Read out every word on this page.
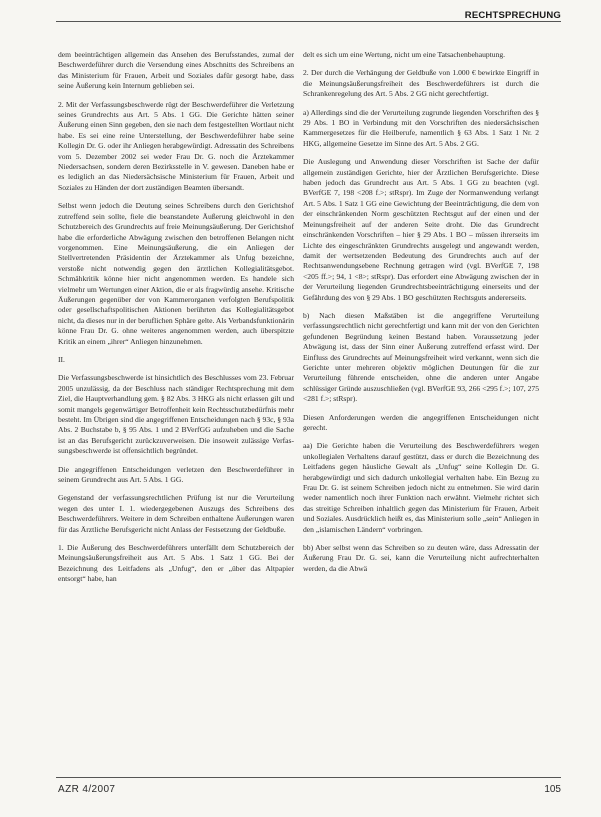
RECHTSPRECHUNG

dem beeinträchtigen allgemein das Ansehen des Berufsstandes, zumal der Beschwerdeführer durch die Versendung eines Abschnitts des Schreibens an das Ministerium für Frauen, Arbeit und Soziales dafür gesorgt habe, dass seine Äußerung kein Internum geblieben sei.

2. Mit der Verfassungsbeschwerde rügt der Beschwerdeführer die Verletzung seines Grundrechts aus Art. 5 Abs. 1 GG. Die Gerichte hätten seiner Äußerung einen Sinn gegeben, den sie nach dem festgestellten Wortlaut nicht habe. Es sei eine reine Unterstellung, der Beschwerdeführer habe seine Kollegin Dr. G. oder ihr Anliegen herabgewürdigt. Adressatin des Schreibens vom 5. Dezember 2002 sei weder Frau Dr. G. noch die Ärztekammer Niedersachsen, sondern deren Bezirksstelle in V. gewesen. Daneben habe er es lediglich an das Niedersächsische Ministerium für Frauen, Arbeit und Soziales zu Händen der dort zuständigen Beamten übersandt.

Selbst wenn jedoch die Deutung seines Schreibens durch den Gerichtshof zutreffend sein sollte, fiele die beanstandete Äußerung gleichwohl in den Schutzbereich des Grundrechts auf freie Meinungsäußerung. Der Gerichtshof habe die erforderliche Abwägung zwischen den betroffenen Belangen nicht vorgenommen. Eine Meinungsäußerung, die ein Anliegen der Stellvertretenden Präsidentin der Ärztekammer als Unfug bezeichne, verstoße nicht notwendig gegen den ärztlichen Kollegialitätsgebot. Schmähkritik könne hier nicht angenommen werden. Es handele sich vielmehr um Wertungen einer Aktion, die er als fragwürdig ansehe. Kritische Äußerungen gegenüber der von Kammerorganen verfolgten Berufspolitik oder gesellschaftspolitischen Aktionen berührten das Kollegialitätsgebot nicht, da dieses nur in der beruflichen Sphäre gelte. Als Verbandsfunktionärin könne Frau Dr. G. ohne weiteres angenommen werden, auch überspitzte Kritik an einem „ihrer“ Anliegen hinzunehmen.

II.

Die Verfassungsbeschwerde ist hinsichtlich des Beschlusses vom 23. Februar 2005 unzulässig, da der Beschluss nach ständiger Rechtsprechung mit dem Ziel, die Hauptverhandlung gem. § 82 Abs. 3 HKG als nicht erlassen gilt und somit mangels gegenwärtiger Betroffenheit kein Rechtsschutzbedürfnis mehr besteht. Im Übrigen sind die angegriffenen Entscheidungen nach § 93c, § 93a Abs. 2 Buchstabe b, § 95 Abs. 1 und 2 BVerfGG aufzuheben und die Sache ist an das Berufsgericht zurückzuverweisen. Die insoweit zulässige Verfassungsbeschwerde ist offensichtlich begründet.

Die angegriffenen Entscheidungen verletzen den Beschwerdeführer in seinem Grundrecht aus Art. 5 Abs. 1 GG.

Gegenstand der verfassungsrechtlichen Prüfung ist nur die Verurteilung wegen des unter I. 1. wiedergegebenen Auszugs des Schreibens des Beschwerdeführers. Weitere in dem Schreiben enthaltene Äußerungen waren für das Ärztliche Berufsgericht nicht Anlass der Festsetzung der Geldbuße.

1. Die Äußerung des Beschwerdeführers unterfällt dem Schutzbereich der Meinungsäußerungsfreiheit aus Art. 5 Abs. 1 Satz 1 GG. Bei der Bezeichnung des Leitfadens als „Unfug“, den er „über das Altpapier entsorgt“ habe, han

delt es sich um eine Wertung, nicht um eine Tatsachenbehauptung.

2. Der durch die Verhängung der Geldbuße von 1.000 € bewirkte Eingriff in die Meinungsäußerungsfreiheit des Beschwerdeführers ist durch die Schrankenregelung des Art. 5 Abs. 2 GG nicht gerechtfertigt.

a) Allerdings sind die der Verurteilung zugrunde liegenden Vorschriften des § 29 Abs. 1 BO in Verbindung mit den Vorschriften des niedersächsischen Kammergesetzes für die Heilberufe, namentlich § 63 Abs. 1 Satz 1 Nr. 2 HKG, allgemeine Gesetze im Sinne des Art. 5 Abs. 2 GG.

Die Auslegung und Anwendung dieser Vorschriften ist Sache der dafür allgemein zuständigen Gerichte, hier der Ärztlichen Berufsgerichte. Diese haben jedoch das Grundrecht aus Art. 5 Abs. 1 GG zu beachten (vgl. BVerfGE 7, 198 <208 f.>; stRspr). Im Zuge der Normanwendung verlangt Art. 5 Abs. 1 Satz 1 GG eine Gewichtung der Beeinträchtigung, die dem von der einschränkenden Norm geschützten Rechtsgut auf der einen und der Meinungsfreiheit auf der anderen Seite droht. Die das Grundrecht einschränkenden Vorschriften – hier § 29 Abs. 1 BO – müssen ihrerseits im Lichte des eingeschränkten Grundrechts ausgelegt und angewandt werden, damit der wertsetzenden Bedeutung des Grundrechts auch auf der Rechtsanwendungsebene Rechnung getragen wird (vgl. BVerfGE 7, 198 <205 ff.>; 94, 1 <8>; stRspr). Das erfordert eine Abwägung zwischen der in der Verurteilung liegenden Grundrechtsbeeinträchtigung einerseits und der Gefährdung des von § 29 Abs. 1 BO geschützten Rechtsguts andererseits.

b) Nach diesen Maßstäben ist die angegriffene Verurteilung verfassungsrechtlich nicht gerechtfertigt und kann mit der von den Gerichten gefundenen Begründung keinen Bestand haben. Voraussetzung jeder Abwägung ist, dass der Sinn einer Äußerung zutreffend erfasst wird. Der Einfluss des Grundrechts auf Meinungsfreiheit wird verkannt, wenn sich die Gerichte unter mehreren objektiv möglichen Deutungen für die zur Verurteilung führende entscheiden, ohne die anderen unter Angabe schlüssiger Gründe auszuschließen (vgl. BVerfGE 93, 266 <295 f.>; 107, 275 <281 f.>; stRspr).

Diesen Anforderungen werden die angegriffenen Entscheidungen nicht gerecht.

aa) Die Gerichte haben die Verurteilung des Beschwerdeführers wegen unkollegialen Verhaltens darauf gestützt, dass er durch die Bezeichnung des Leitfadens gegen häusliche Gewalt als „Unfug“ seine Kollegin Dr. G. herabgewürdigt und sich dadurch unkollegial verhalten habe. Ein Bezug zu Frau Dr. G. ist seinem Schreiben jedoch nicht zu entnehmen. Sie wird darin weder namentlich noch ihrer Funktion nach erwähnt. Vielmehr richtet sich das streitige Schreiben inhaltlich gegen das Ministerium für Frauen, Arbeit und Soziales. Ausdrücklich heißt es, das Ministerium solle „sein“ Anliegen in den „islamischen Ländern“ vorbringen.

bb) Aber selbst wenn das Schreiben so zu deuten wäre, dass Adressatin der Äußerung Frau Dr. G. sei, kann die Verurteilung nicht aufrechterhalten werden, da die Abwä

AZR 4/2007	105
